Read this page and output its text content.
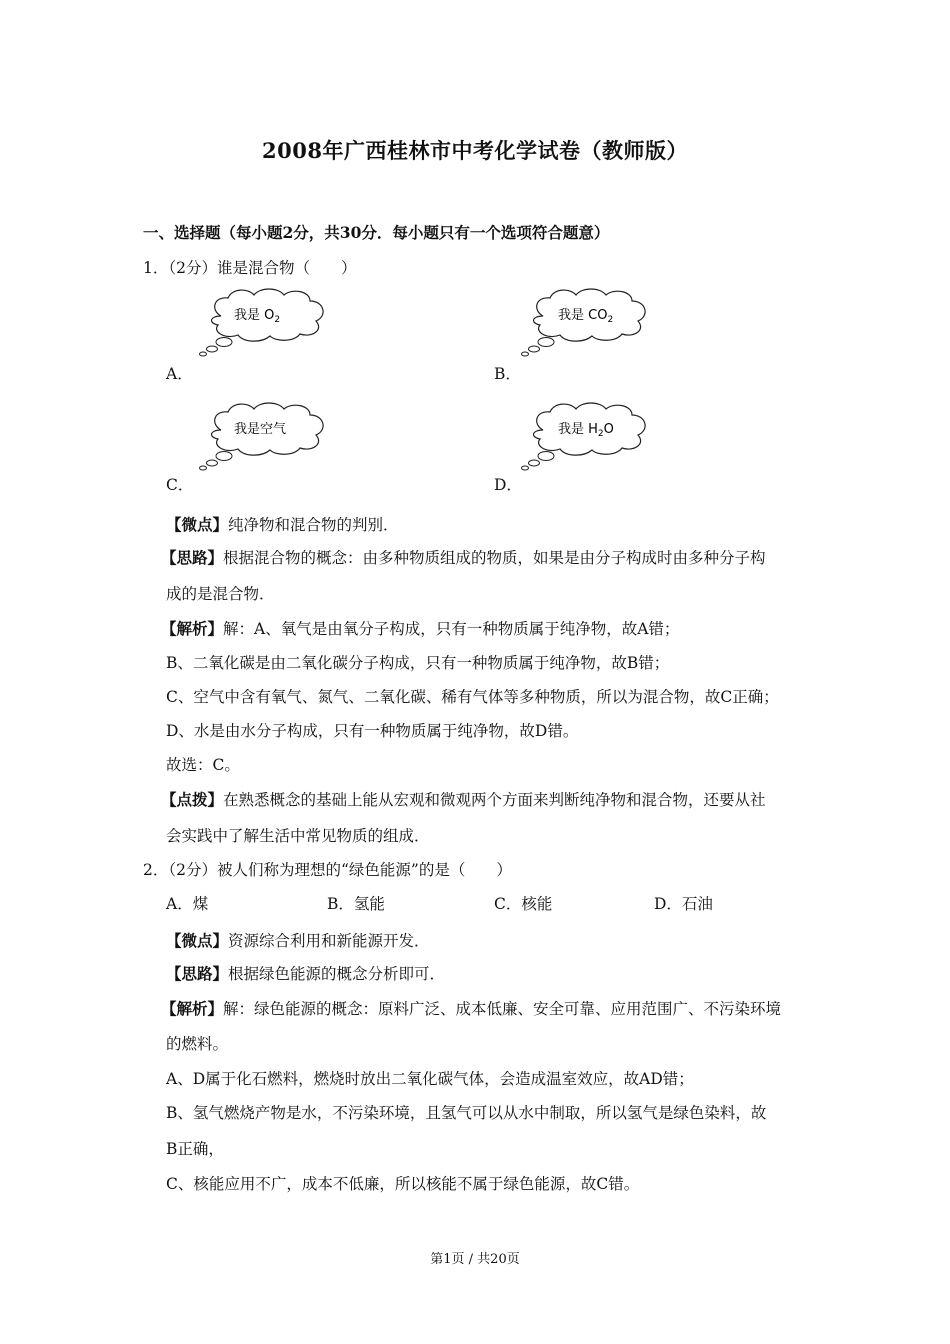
2008年广西桂林市中考化学试卷（教师版）
一、选择题（每小题2分，共30分．每小题只有一个选项符合题意）
1．（2分）谁是混合物（　　）
我是 $O_2$
A．
我是 $CO_2$
B．
我是空气
C．
我是 $H_2O$
D．
【微点】纯净物和混合物的判别．
【思路】根据混合物的概念：由多种物质组成的物质，如果是由分子构成时由多种分子构
成的是混合物．
【解析】解：A、氧气是由氧分子构成，只有一种物质属于纯净物，故A错；
B、二氧化碳是由二氧化碳分子构成，只有一种物质属于纯净物，故B错；
C、空气中含有氧气、氮气、二氧化碳、稀有气体等多种物质，所以为混合物，故C正确；
D、水是由水分子构成，只有一种物质属于纯净物，故D错。
故选：C。
【点拨】在熟悉概念的基础上能从宏观和微观两个方面来判断纯净物和混合物，还要从社
会实践中了解生活中常见物质的组成．
2．（2分）被人们称为理想的“绿色能源”的是（　　）
A．煤	B．氢能	C．核能	D．石油
【微点】资源综合利用和新能源开发．
【思路】根据绿色能源的概念分析即可．
【解析】解：绿色能源的概念：原料广泛、成本低廉、安全可靠、应用范围广、不污染环境
的燃料。
A、D属于化石燃料，燃烧时放出二氧化碳气体，会造成温室效应，故AD错；
B、氢气燃烧产物是水，不污染环境，且氢气可以从水中制取，所以氢气是绿色染料，故
B正确，
C、核能应用不广，成本不低廉，所以核能不属于绿色能源，故C错。
第1页 / 共20页
